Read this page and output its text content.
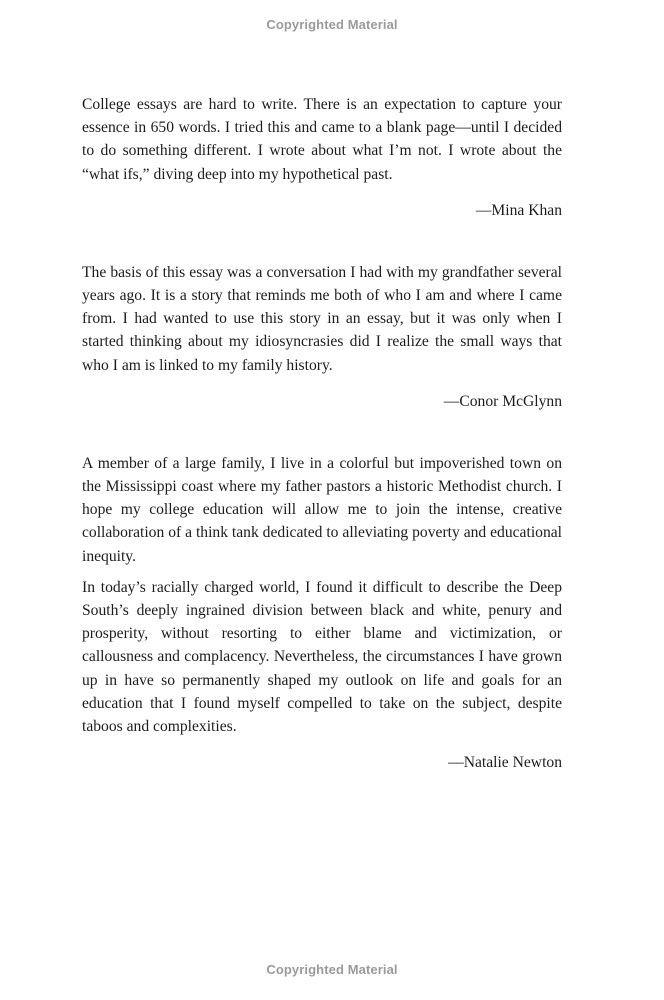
Copyrighted Material

College essays are hard to write. There is an expectation to capture your essence in 650 words. I tried this and came to a blank page—until I decided to do something different. I wrote about what I’m not. I wrote about the “what ifs,” diving deep into my hypothetical past.

—Mina Khan

The basis of this essay was a conversation I had with my grandfather several years ago. It is a story that reminds me both of who I am and where I came from. I had wanted to use this story in an essay, but it was only when I started thinking about my idiosyncrasies did I realize the small ways that who I am is linked to my family history.

—Conor McGlynn

A member of a large family, I live in a colorful but impoverished town on the Mississippi coast where my father pastors a historic Methodist church. I hope my college education will allow me to join the intense, creative collaboration of a think tank dedicated to alleviating poverty and educational inequity.

In today’s racially charged world, I found it difficult to describe the Deep South’s deeply ingrained division between black and white, penury and prosperity, without resorting to either blame and victimization, or callousness and complacency. Nevertheless, the circumstances I have grown up in have so permanently shaped my outlook on life and goals for an education that I found myself compelled to take on the subject, despite taboos and complexities.

—Natalie Newton

Copyrighted Material
